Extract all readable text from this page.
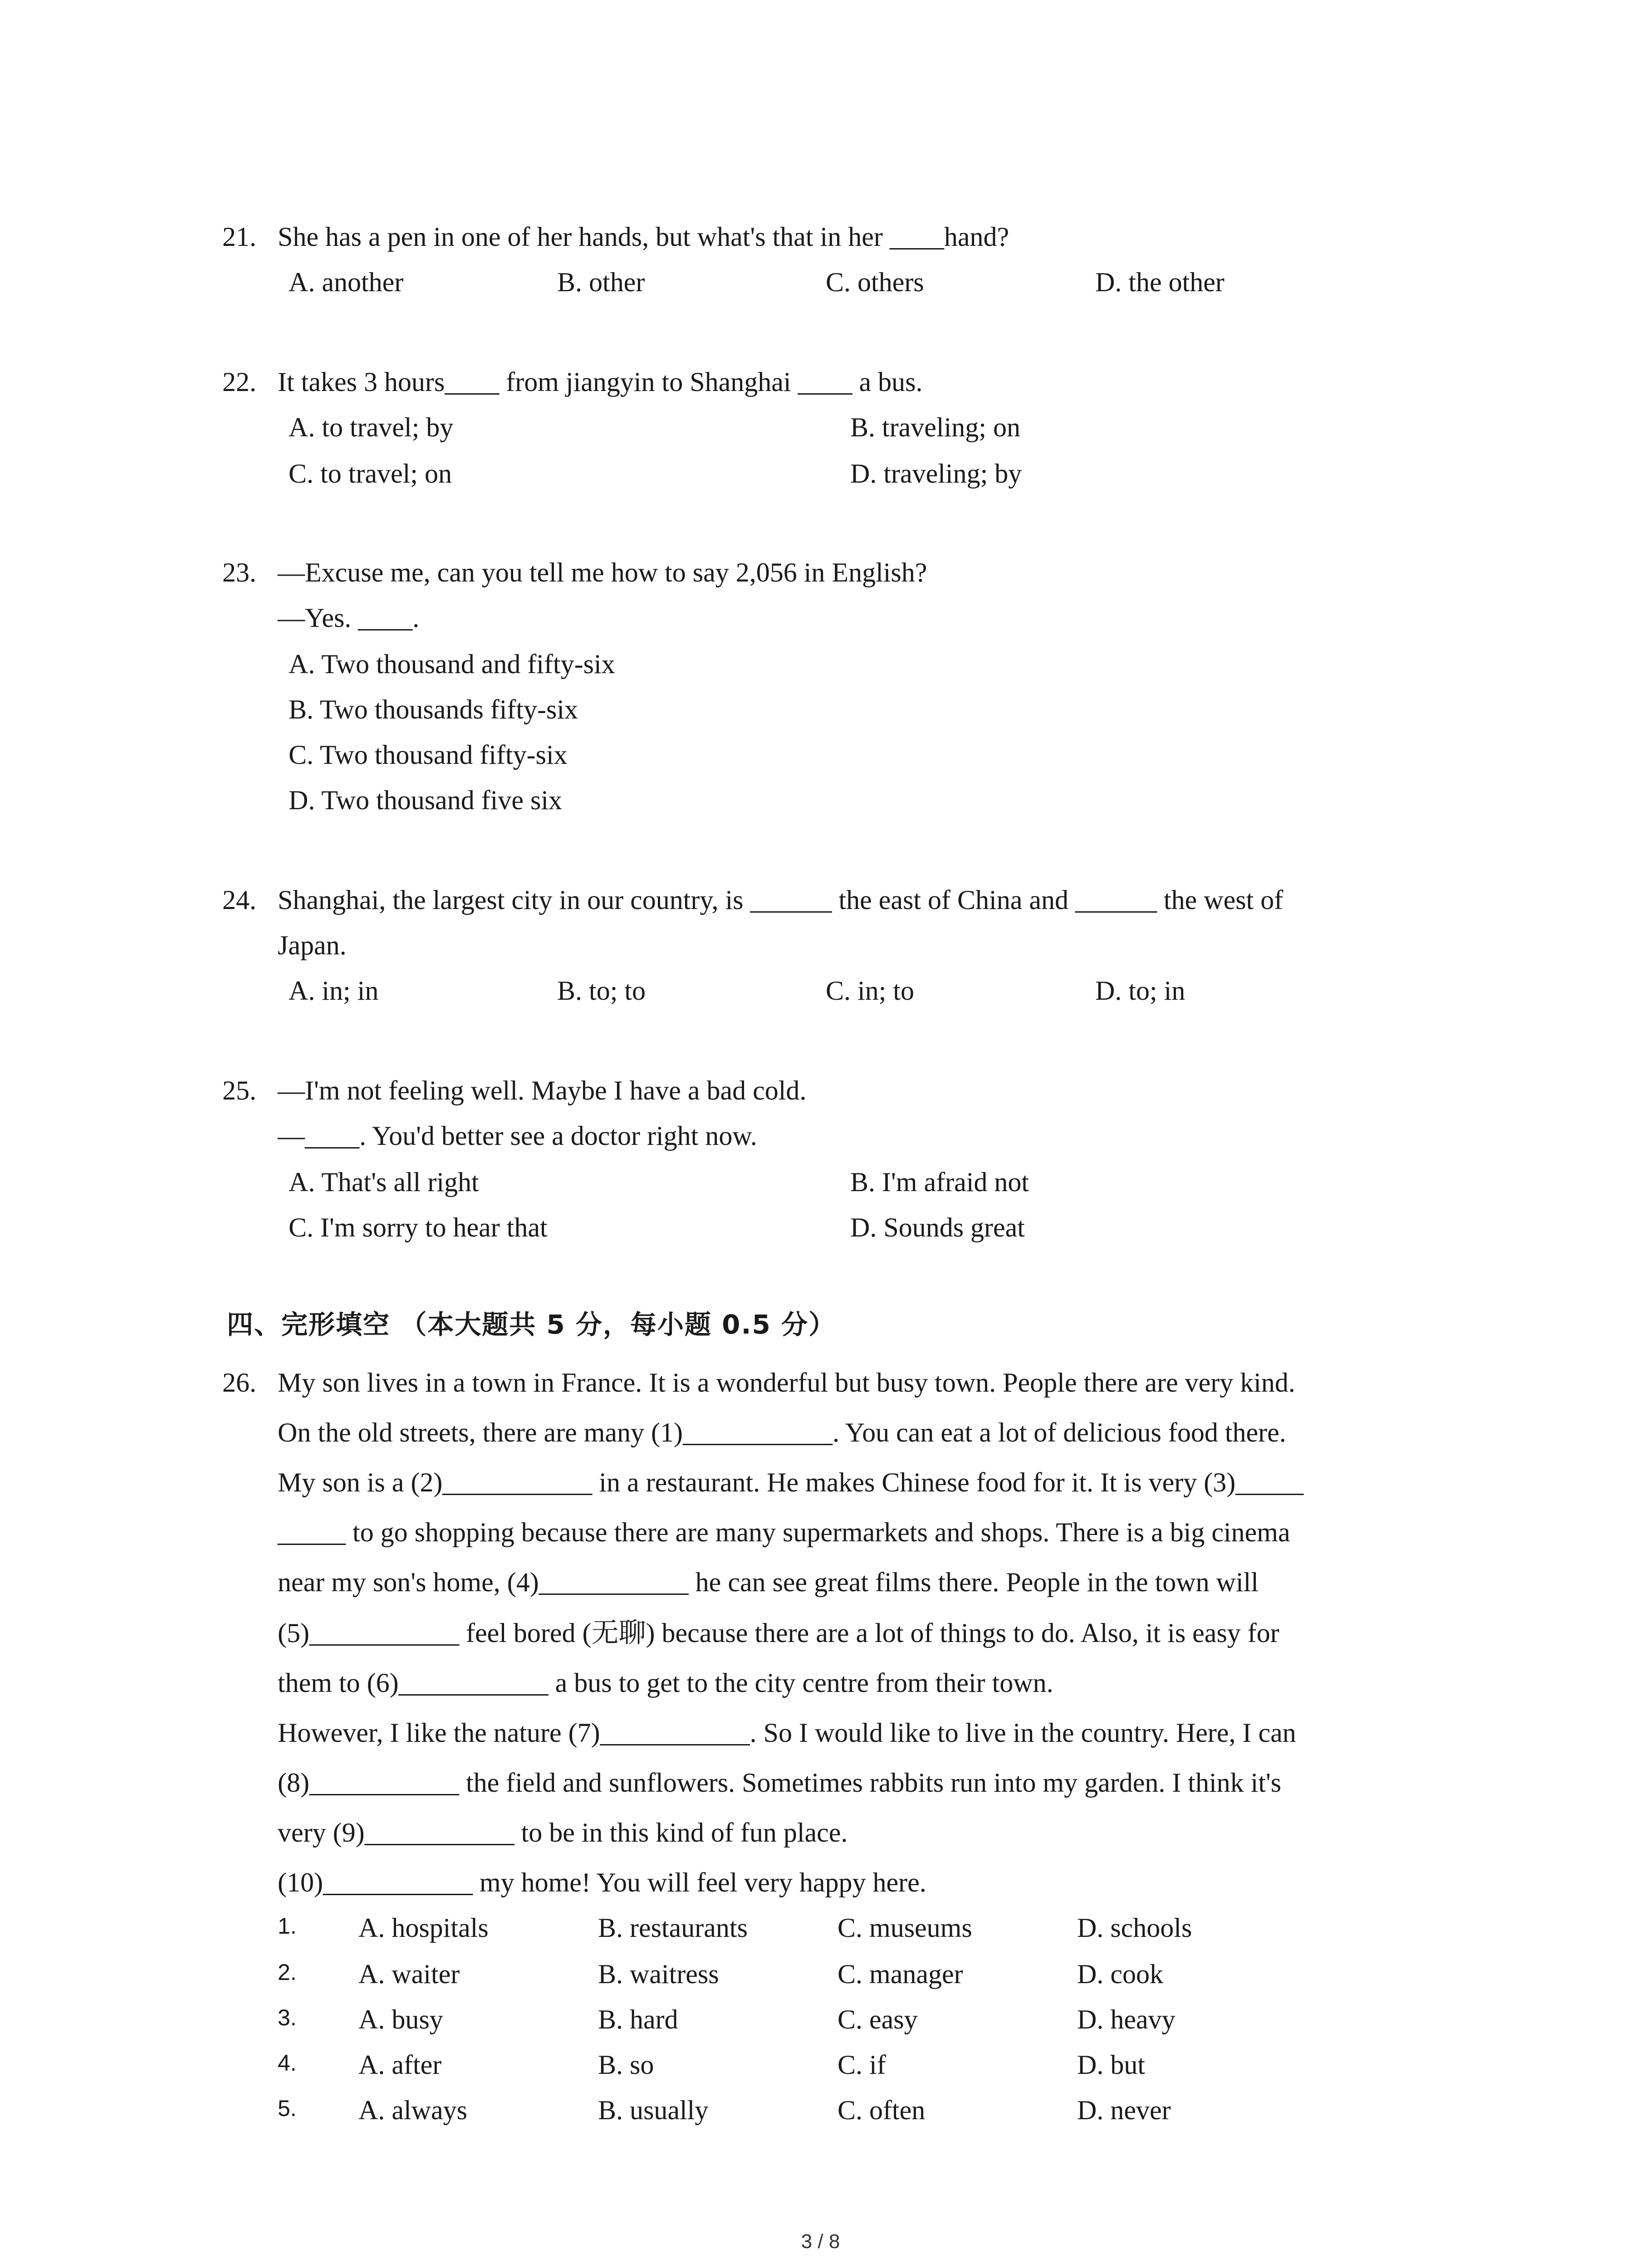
21. She has a pen in one of her hands, but what's that in her ____hand?
A. another	B. other	C. others	D. the other
22. It takes 3 hours____ from jiangyin to Shanghai ____ a bus.
A. to travel; by	B. traveling; on
C. to travel; on	D. traveling; by
23. —Excuse me, can you tell me how to say 2,056 in English?
—Yes. ____.
A. Two thousand and fifty-six
B. Two thousands fifty-six
C. Two thousand fifty-six
D. Two thousand five six
24. Shanghai, the largest city in our country, is ______ the east of China and ______ the west of
Japan.
A. in; in	B. to; to	C. in; to	D. to; in
25. —I'm not feeling well. Maybe I have a bad cold.
—____. You'd better see a doctor right now.
A. That's all right	B. I'm afraid not
C. I'm sorry to hear that	D. Sounds great
四、完形填空 （本大题共 5 分，每小题 0.5 分）
26. My son lives in a town in France. It is a wonderful but busy town. People there are very kind.
On the old streets, there are many (1)___________. You can eat a lot of delicious food there.
My son is a (2)___________ in a restaurant. He makes Chinese food for it. It is very (3)_____
_____ to go shopping because there are many supermarkets and shops. There is a big cinema
near my son's home, (4)___________ he can see great films there. People in the town will
(5)___________ feel bored (无聊) because there are a lot of things to do. Also, it is easy for
them to (6)___________ a bus to get to the city centre from their town.
However, I like the nature (7)___________. So I would like to live in the country. Here, I can
(8)___________ the field and sunflowers. Sometimes rabbits run into my garden. I think it's
very (9)___________ to be in this kind of fun place.
(10)___________ my home! You will feel very happy here.
1. A. hospitals	B. restaurants	C. museums	D. schools
2. A. waiter	B. waitress	C. manager	D. cook
3. A. busy	B. hard	C. easy	D. heavy
4. A. after	B. so	C. if	D. but
5. A. always	B. usually	C. often	D. never
3 / 8
